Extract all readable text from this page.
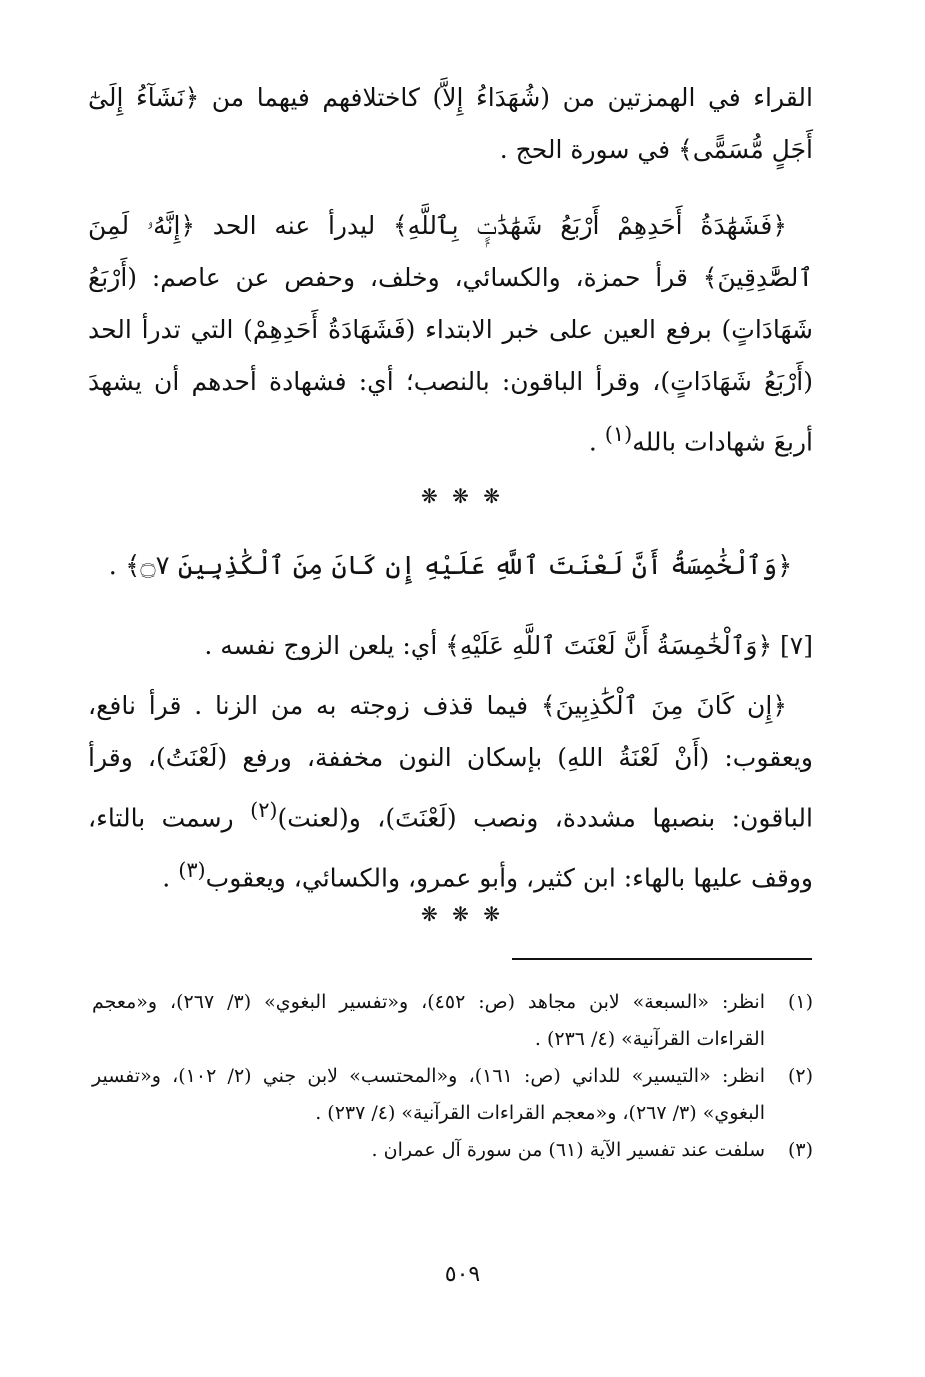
القراء في الهمزتين من (شُهَدَاءُ إِلاَّ) كاختلافهم فيهما من ﴿نَشَآءُ إِلَىٰٓ أَجَلٍ مُّسَمًّى﴾ في سورة الحج .
﴿فَشَهَٰدَةُ أَحَدِهِمْ أَرْبَعُ شَهَٰدَٰتٍۭ بِٱللَّهِ﴾ ليدرأ عنه الحد ﴿إِنَّهُۥ لَمِنَ ٱلصَّٰدِقِينَ﴾ قرأ حمزة، والكسائي، وخلف، وحفص عن عاصم: (أَرْبَعُ شَهَادَاتٍ) برفع العين على خبر الابتداء (فَشَهَادَةُ أَحَدِهِمْ) التي تدرأ الحد (أَرْبَعُ شَهَادَاتٍ)، وقرأ الباقون: بالنصب؛ أي: فشهادة أحدهم أن يشهدَ أربعَ شهادات بالله$^{(١)}$ .
❋ ❋ ❋
﴿وَٱلْخَٰمِسَةُ أَنَّ لَعْنَتَ ٱللَّهِ عَلَيْهِ إِن كَانَ مِنَ ٱلْكَٰذِبِينَ ۝٧﴾ .
[٧] ﴿وَٱلْخَٰمِسَةُ أَنَّ لَعْنَتَ ٱللَّهِ عَلَيْهِ﴾ أي: يلعن الزوج نفسه .
﴿إِن كَانَ مِنَ ٱلْكَٰذِبِينَ﴾ فيما قذف زوجته به من الزنا . قرأ نافع، ويعقوب: (أَنْ لَعْنَةُ اللهِ) بإسكان النون مخففة، ورفع (لَعْنَتُ)، وقرأ الباقون: بنصبها مشددة، ونصب (لَعْنَتَ)، و(لعنت)$^{(٢)}$ رسمت بالتاء، ووقف عليها بالهاء: ابن كثير، وأبو عمرو، والكسائي، ويعقوب$^{(٣)}$ .
❋ ❋ ❋
(١)
انظر: «السبعة» لابن مجاهد (ص: ٤٥٢)، و«تفسير البغوي» (٣/ ٢٦٧)، و«معجم القراءات القرآنية» (٤/ ٢٣٦) .
(٢)
انظر: «التيسير» للداني (ص: ١٦١)، و«المحتسب» لابن جني (٢/ ١٠٢)، و«تفسير البغوي» (٣/ ٢٦٧)، و«معجم القراءات القرآنية» (٤/ ٢٣٧) .
(٣)
سلفت عند تفسير الآية (٦١) من سورة آل عمران .
٥٠٩
